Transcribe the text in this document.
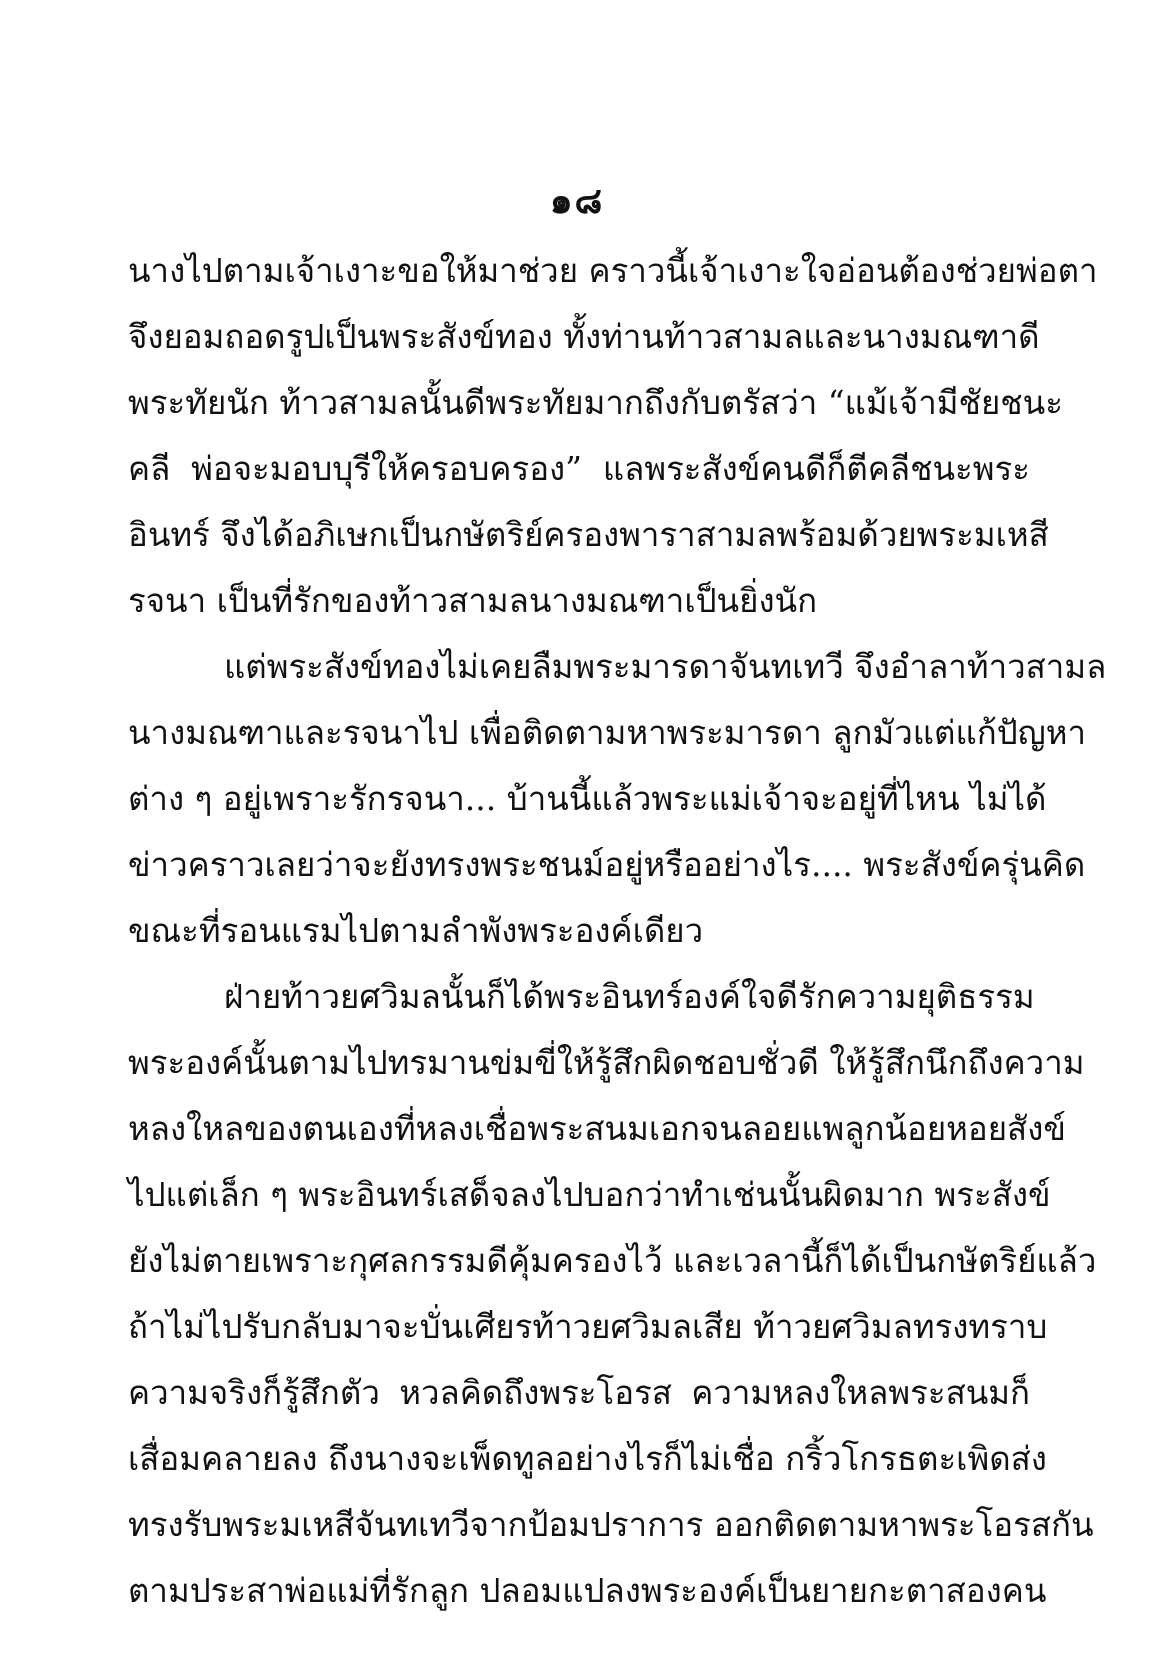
๑๘
นางไปตามเจ้าเงาะขอให้มาช่วย คราวนี้เจ้าเงาะใจอ่อนต้องช่วยพ่อตา
จึงยอมถอดรูปเป็นพระสังข์ทอง ทั้งท่านท้าวสามลและนางมณฑาดี
พระทัยนัก ท้าวสามลนั้นดีพระทัยมากถึงกับตรัสว่า “แม้เจ้ามีชัยชนะ
คลี พ่อจะมอบบุรีให้ครอบครอง” แลพระสังข์คนดีก็ตีคลีชนะพระ
อินทร์ จึงได้อภิเษกเป็นกษัตริย์ครองพาราสามลพร้อมด้วยพระมเหสี
รจนา เป็นที่รักของท้าวสามลนางมณฑาเป็นยิ่งนัก
แต่พระสังข์ทองไม่เคยลืมพระมารดาจันทเทวี จึงอำลาท้าวสามล
นางมณฑาและรจนาไป เพื่อติดตามหาพระมารดา ลูกมัวแต่แก้ปัญหา
ต่าง ๆ อยู่เพราะรักรจนา... บ้านนี้แล้วพระแม่เจ้าจะอยู่ที่ไหน ไม่ได้
ข่าวคราวเลยว่าจะยังทรงพระชนม์อยู่หรืออย่างไร.... พระสังข์ครุ่นคิด
ขณะที่รอนแรมไปตามลำพังพระองค์เดียว
ฝ่ายท้าวยศวิมลนั้นก็ได้พระอินทร์องค์ใจดีรักความยุติธรรม
พระองค์นั้นตามไปทรมานข่มขี่ให้รู้สึกผิดชอบชั่วดี ให้รู้สึกนึกถึงความ
หลงใหลของตนเองที่หลงเชื่อพระสนมเอกจนลอยแพลูกน้อยหอยสังข์
ไปแต่เล็ก ๆ พระอินทร์เสด็จลงไปบอกว่าทำเช่นนั้นผิดมาก พระสังข์
ยังไม่ตายเพราะกุศลกรรมดีคุ้มครองไว้ และเวลานี้ก็ได้เป็นกษัตริย์แล้ว
ถ้าไม่ไปรับกลับมาจะบั่นเศียรท้าวยศวิมลเสีย ท้าวยศวิมลทรงทราบ
ความจริงก็รู้สึกตัว หวลคิดถึงพระโอรส ความหลงใหลพระสนมก็
เสื่อมคลายลง ถึงนางจะเพ็ดทูลอย่างไรก็ไม่เชื่อ กริ้วโกรธตะเพิดส่ง
ทรงรับพระมเหสีจันทเทวีจากป้อมปราการ ออกติดตามหาพระโอรสกัน
ตามประสาพ่อแม่ที่รักลูก ปลอมแปลงพระองค์เป็นยายกะตาสองคน
